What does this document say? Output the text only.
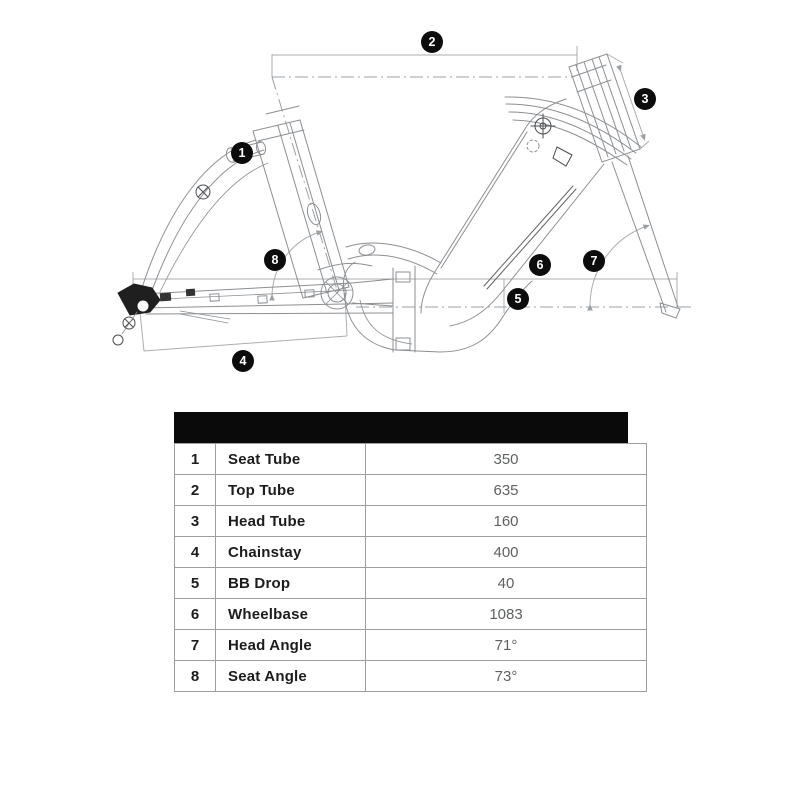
1
2
3
4
5
6	7
8
1	Seat Tube	350
2	Top Tube	635
3	Head Tube	160
4	Chainstay	400
5	BB Drop	40
6	Wheelbase	1083
7	Head Angle	71°
8	Seat Angle	73°
